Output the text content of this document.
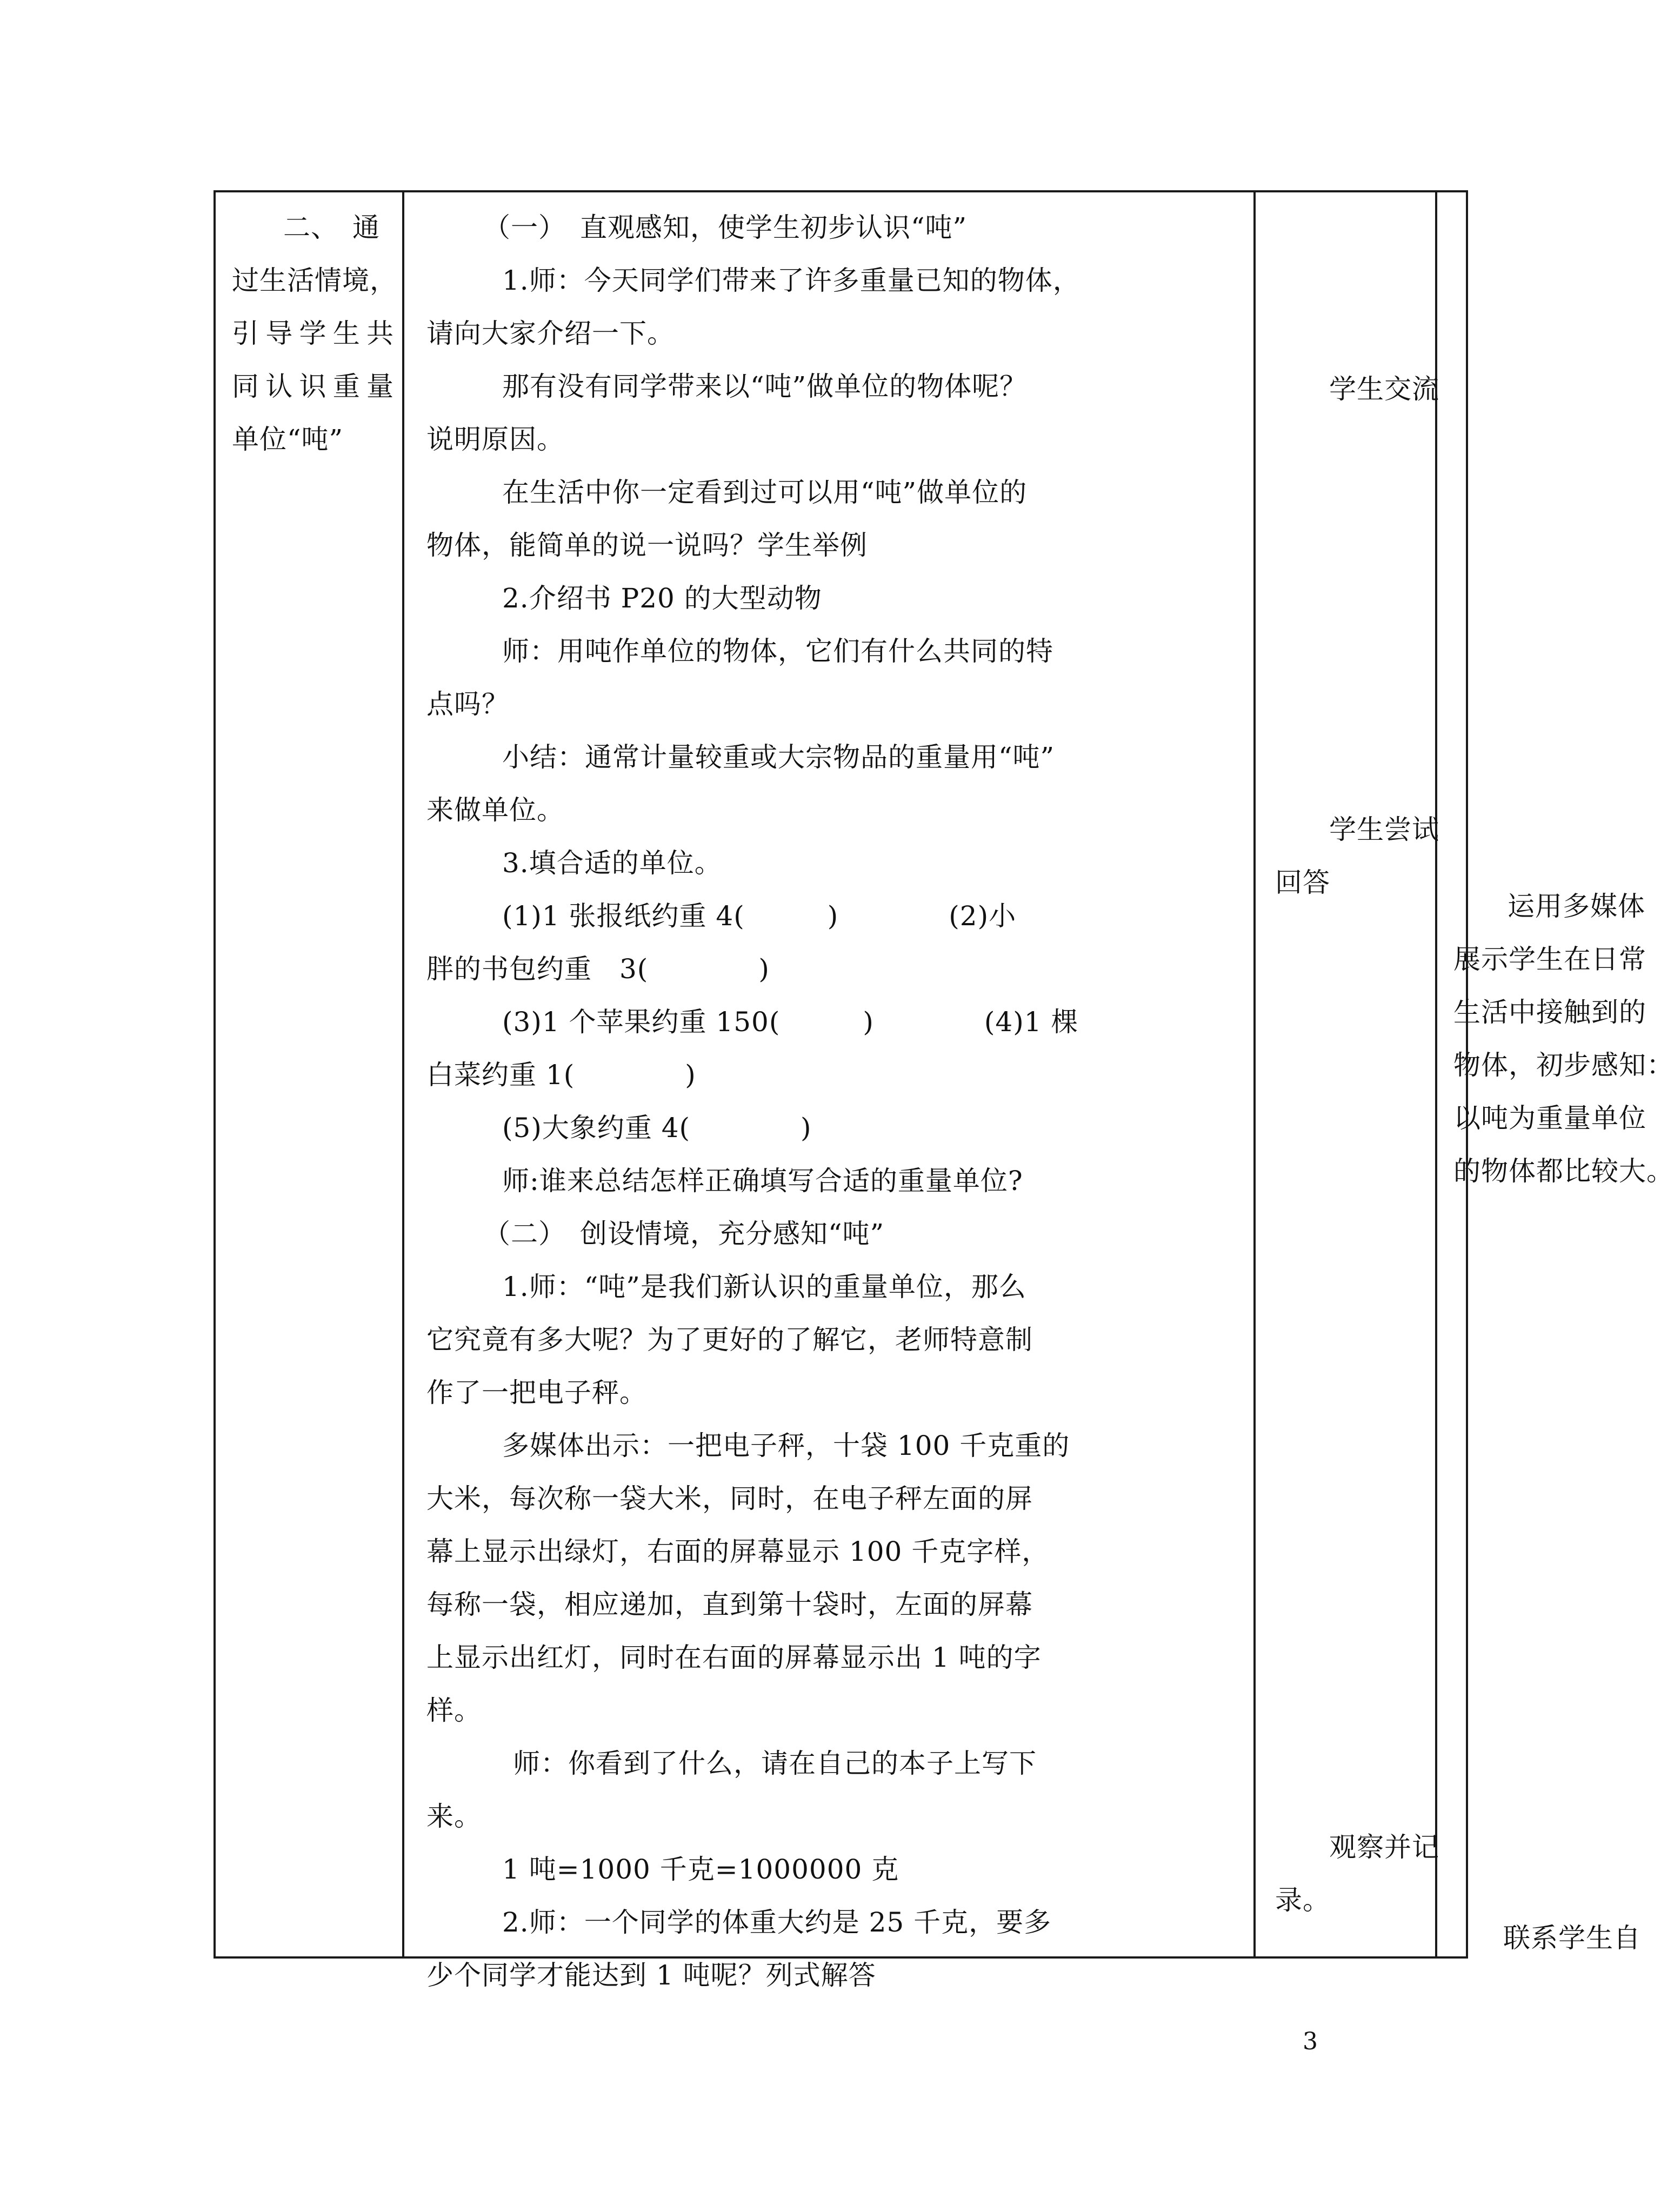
二、　通

过生活情境，

引导学生共

同认识重量

单位“吨”

（一）　直观感知，使学生初步认识“吨”

1.师：今天同学们带来了许多重量已知的物体，

请向大家介绍一下。

那有没有同学带来以“吨”做单位的物体呢？

说明原因。

在生活中你一定看到过可以用“吨”做单位的

物体，能简单的说一说吗？学生举例

2.介绍书 P20 的大型动物

师：用吨作单位的物体，它们有什么共同的特

点吗？

小结：通常计量较重或大宗物品的重量用“吨”

来做单位。

3.填合适的单位。

(1)1 张报纸约重 4(　　　)　　　　(2)小

胖的书包约重　3(　　　　)

(3)1 个苹果约重 150(　　　)　　　　(4)1 棵

白菜约重 1(　　　　)

(5)大象约重 4(　　　　)

师:谁来总结怎样正确填写合适的重量单位?

（二）　创设情境，充分感知“吨”

1.师：“吨”是我们新认识的重量单位，那么

它究竟有多大呢？为了更好的了解它，老师特意制

作了一把电子秤。

多媒体出示：一把电子秤，十袋 100 千克重的

大米，每次称一袋大米，同时，在电子秤左面的屏

幕上显示出绿灯，右面的屏幕显示 100 千克字样，

每称一袋，相应递加，直到第十袋时，左面的屏幕

上显示出红灯，同时在右面的屏幕显示出 1 吨的字

样。

师：你看到了什么，请在自己的本子上写下

来。

1 吨=1000 千克=1000000 克

2.师：一个同学的体重大约是 25 千克，要多

少个同学才能达到 1 吨呢？列式解答

学生交流

学生尝试

回答

观察并记

录。

运用多媒体

展示学生在日常

生活中接触到的

物体，初步感知：

以吨为重量单位

的物体都比较大。

联系学生自

3
